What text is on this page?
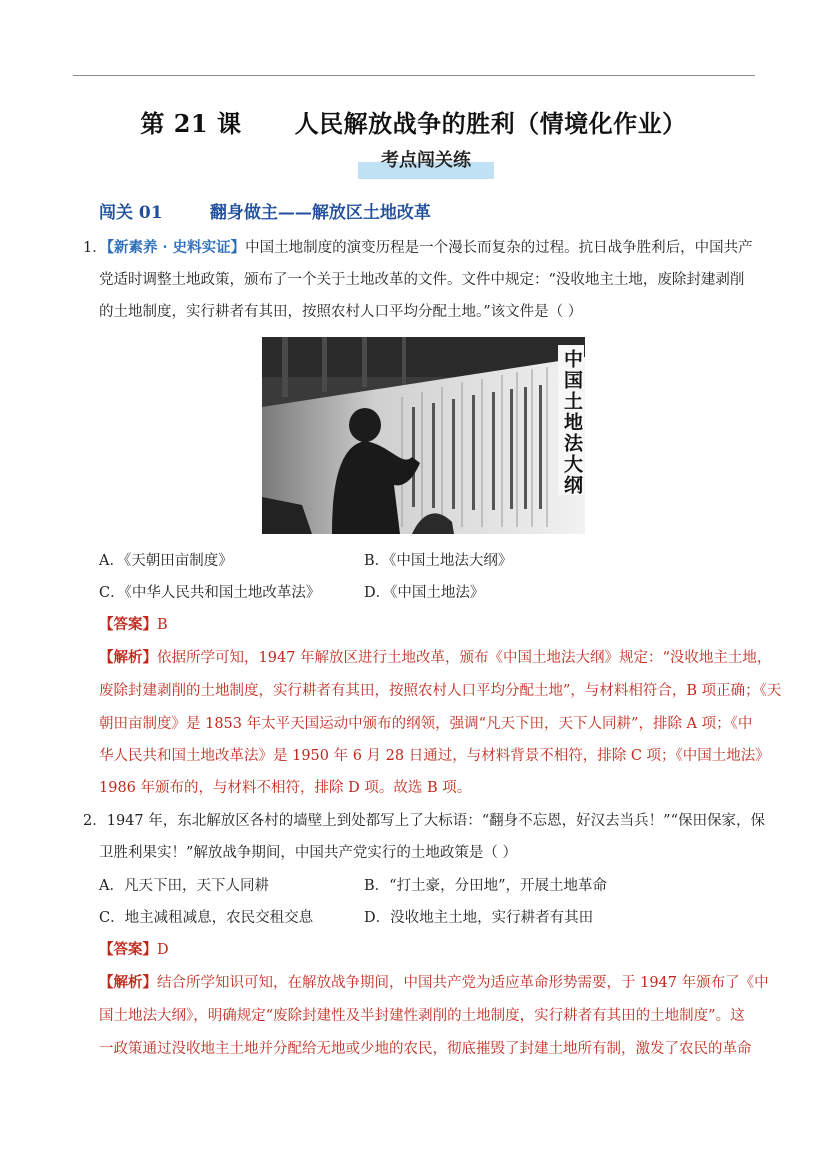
第 21 课      人民解放战争的胜利（情境化作业）
考点闯关练
闯关 01        翻身做主——解放区土地改革
1．【新素养 · 史料实证】中国土地制度的演变历程是一个漫长而复杂的过程。抗日战争胜利后，中国共产
党适时调整土地政策，颁布了一个关于土地改革的文件。文件中规定：“没收地主土地，废除封建剥削
的土地制度，实行耕者有其田，按照农村人口平均分配土地。”该文件是（ ）
中国土地法大纲
A．《天朝田亩制度》	B．《中国土地法大纲》
C．《中华人民共和国土地改革法》	D．《中国土地法》
【答案】B
【解析】依据所学可知，1947 年解放区进行土地改革，颁布《中国土地法大纲》规定：“没收地主土地，
废除封建剥削的土地制度，实行耕者有其田，按照农村人口平均分配土地”，与材料相符合，B 项正确；《天
朝田亩制度》是 1853 年太平天国运动中颁布的纲领，强调“凡天下田，天下人同耕”，排除 A 项；《中
华人民共和国土地改革法》是 1950 年 6 月 28 日通过，与材料背景不相符，排除 C 项；《中国土地法》
1986 年颁布的，与材料不相符，排除 D 项。故选 B 项。
2．1947 年，东北解放区各村的墙壁上到处都写上了大标语：“翻身不忘恩，好汉去当兵！”“保田保家，保
卫胜利果实！”解放战争期间，中国共产党实行的土地政策是（ ）
A．凡天下田，天下人同耕	B．“打土豪，分田地”，开展土地革命
C．地主减租减息，农民交租交息	D．没收地主土地，实行耕者有其田
【答案】D
【解析】结合所学知识可知，在解放战争期间，中国共产党为适应革命形势需要，于 1947 年颁布了《中
国土地法大纲》，明确规定“废除封建性及半封建性剥削的土地制度，实行耕者有其田的土地制度”。这
一政策通过没收地主土地并分配给无地或少地的农民，彻底摧毁了封建土地所有制，激发了农民的革命
